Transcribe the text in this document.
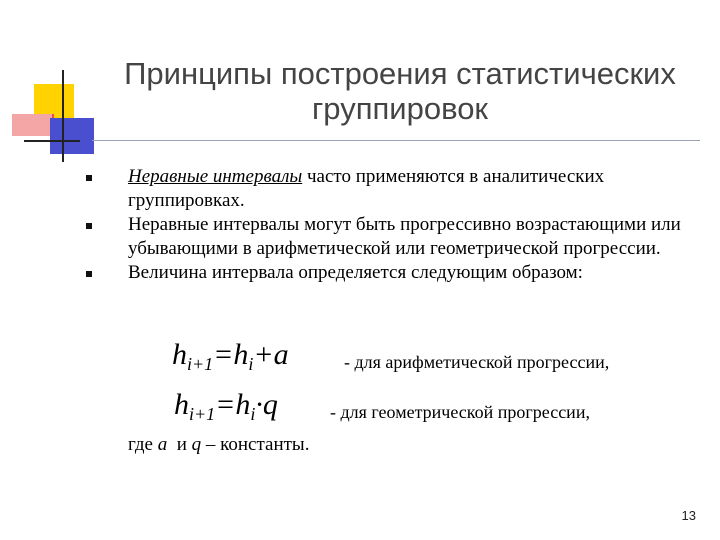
Принципы построения статистических
группировок
Неравные интервалы часто применяются в аналитических группировках.
Неравные интервалы могут быть прогрессивно возрастающими или убывающими в арифметической или геометрической прогрессии.
Величина интервала определяется следующим образом:
$h_{i+1}=h_i+a$	- для арифметической прогрессии,
$h_{i+1}=h_i\cdot q$	- для геометрической прогрессии,
где a  и q – константы.
13
